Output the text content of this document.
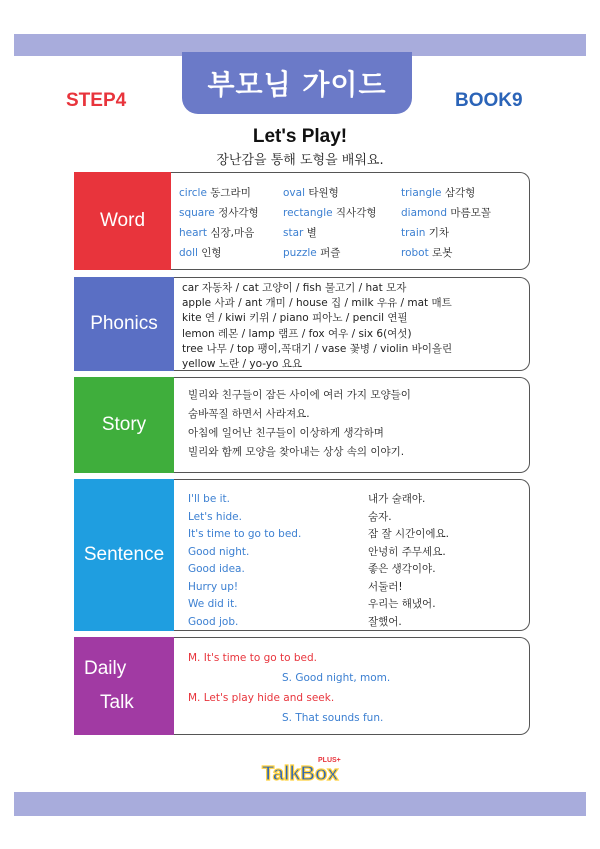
부모님 가이드
STEP4	BOOK9
Let's Play!
장난감을 통해 도형을 배워요.
Word
circle 동그라미	oval 타원형	triangle 삼각형
square 정사각형	rectangle 직사각형	diamond 마름모꼴
heart 심장,마음	star 별	train 기차
doll 인형	puzzle 퍼즐	robot 로봇
Phonics
car 자동차 / cat 고양이 / fish 물고기 / hat 모자
apple 사과 / ant 개미 / house 집 / milk 우유 / mat 매트
kite 연 / kiwi 키위 / piano 피아노 / pencil 연필
lemon 레몬 / lamp 램프 / fox 여우 / six 6(여섯)
tree 나무 / top 팽이,꼭대기 / vase 꽃병 / violin 바이올린
yellow 노란 / yo-yo 요요
Story
빌리와 친구들이 잠든 사이에 여러 가지 모양들이
숨바꼭질 하면서 사라져요.
아침에 일어난 친구들이 이상하게 생각하며
빌리와 함께 모양을 찾아내는 상상 속의 이야기.
Sentence
I'll be it.	내가 술래야.
Let's hide.	숨자.
It's time to go to bed.	잠 잘 시간이에요.
Good night.	안녕히 주무세요.
Good idea.	좋은 생각이야.
Hurry up!	서둘러!
We did it.	우리는 해냈어.
Good job.	잘했어.
Daily
Talk
M. It's time to go to bed.
S. Good night, mom.
M. Let's play hide and seek.
S. That sounds fun.
TalkBox
PLUS+
